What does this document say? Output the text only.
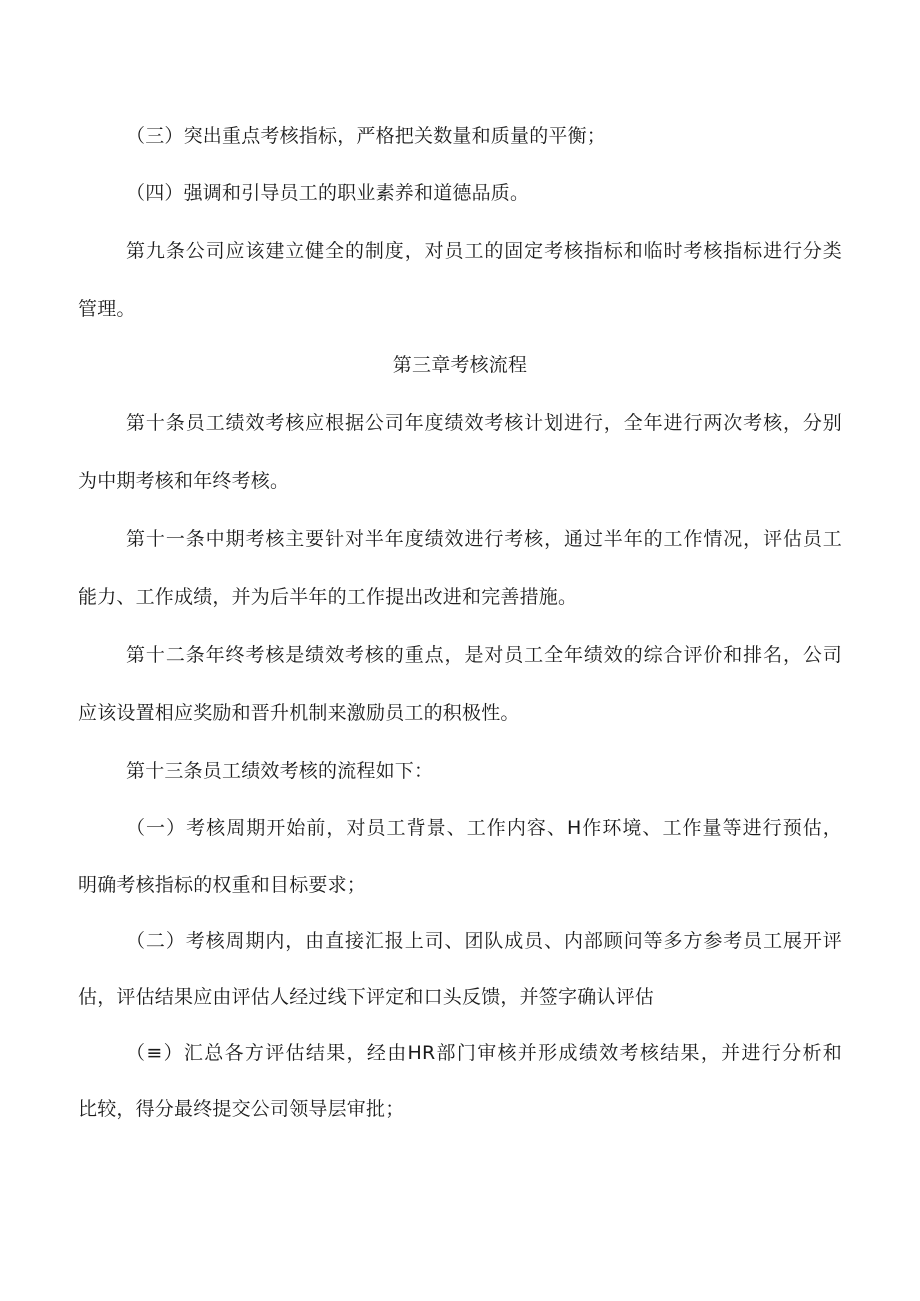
（三）突出重点考核指标，严格把关数量和质量的平衡；
（四）强调和引导员工的职业素养和道德品质。
第九条公司应该建立健全的制度，对员工的固定考核指标和临时考核指标进行分类
管理。
第三章考核流程
第十条员工绩效考核应根据公司年度绩效考核计划进行，全年进行两次考核，分别
为中期考核和年终考核。
第十一条中期考核主要针对半年度绩效进行考核，通过半年的工作情况，评估员工
能力、工作成绩，并为后半年的工作提出改进和完善措施。
第十二条年终考核是绩效考核的重点，是对员工全年绩效的综合评价和排名，公司
应该设置相应奖励和晋升机制来激励员工的积极性。
第十三条员工绩效考核的流程如下：
（一）考核周期开始前，对员工背景、工作内容、H作环境、工作量等进行预估，
明确考核指标的权重和目标要求；
（二）考核周期内，由直接汇报上司、团队成员、内部顾问等多方参考员工展开评
估，评估结果应由评估人经过线下评定和口头反馈，并签字确认评估
（≡）汇总各方评估结果，经由HR部门审核并形成绩效考核结果，并进行分析和
比较，得分最终提交公司领导层审批；
